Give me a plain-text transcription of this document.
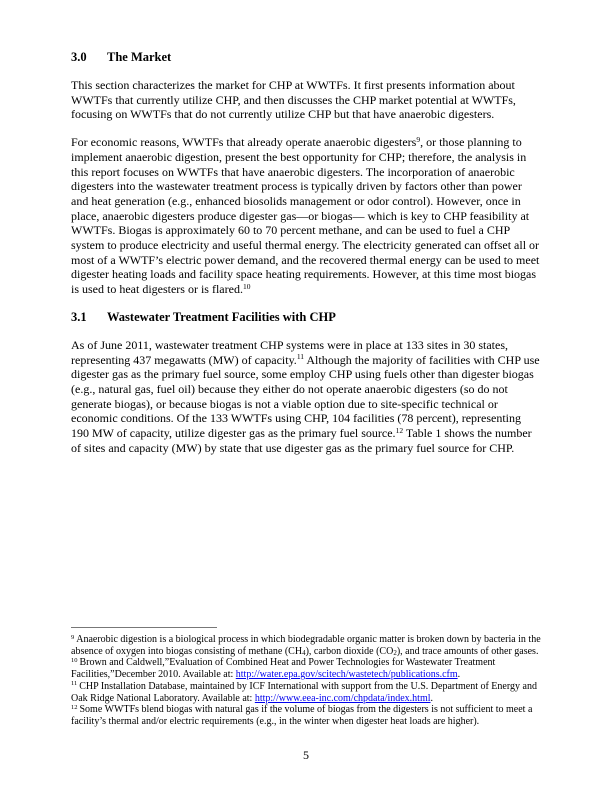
3.0	The Market

This section characterizes the market for CHP at WWTFs. It first presents information about WWTFs that currently utilize CHP, and then discusses the CHP market potential at WWTFs, focusing on WWTFs that do not currently utilize CHP but that have anaerobic digesters.

For economic reasons, WWTFs that already operate anaerobic digesters$^9$, or those planning to implement anaerobic digestion, present the best opportunity for CHP; therefore, the analysis in this report focuses on WWTFs that have anaerobic digesters. The incorporation of anaerobic digesters into the wastewater treatment process is typically driven by factors other than power and heat generation (e.g., enhanced biosolids management or odor control). However, once in place, anaerobic digesters produce digester gas—or biogas— which is key to CHP feasibility at WWTFs. Biogas is approximately 60 to 70 percent methane, and can be used to fuel a CHP system to produce electricity and useful thermal energy. The electricity generated can offset all or most of a WWTF’s electric power demand, and the recovered thermal energy can be used to meet digester heating loads and facility space heating requirements. However, at this time most biogas is used to heat digesters or is flared.$^{10}$

3.1	Wastewater Treatment Facilities with CHP

As of June 2011, wastewater treatment CHP systems were in place at 133 sites in 30 states, representing 437 megawatts (MW) of capacity.$^{11}$ Although the majority of facilities with CHP use digester gas as the primary fuel source, some employ CHP using fuels other than digester biogas (e.g., natural gas, fuel oil) because they either do not operate anaerobic digesters (so do not generate biogas), or because biogas is not a viable option due to site-specific technical or economic conditions. Of the 133 WWTFs using CHP, 104 facilities (78 percent), representing 190 MW of capacity, utilize digester gas as the primary fuel source.$^{12}$ Table 1 shows the number of sites and capacity (MW) by state that use digester gas as the primary fuel source for CHP.

$^9$ Anaerobic digestion is a biological process in which biodegradable organic matter is broken down by bacteria in the absence of oxygen into biogas consisting of methane (CH4), carbon dioxide (CO2), and trace amounts of other gases.

$^{10}$ Brown and Caldwell,”Evaluation of Combined Heat and Power Technologies for Wastewater Treatment Facilities,”December 2010. Available at: http://water.epa.gov/scitech/wastetech/publications.cfm.

$^{11}$ CHP Installation Database, maintained by ICF International with support from the U.S. Department of Energy and Oak Ridge National Laboratory. Available at: http://www.eea-inc.com/chpdata/index.html.

$^{12}$ Some WWTFs blend biogas with natural gas if the volume of biogas from the digesters is not sufficient to meet a facility’s thermal and/or electric requirements (e.g., in the winter when digester heat loads are higher).

5
